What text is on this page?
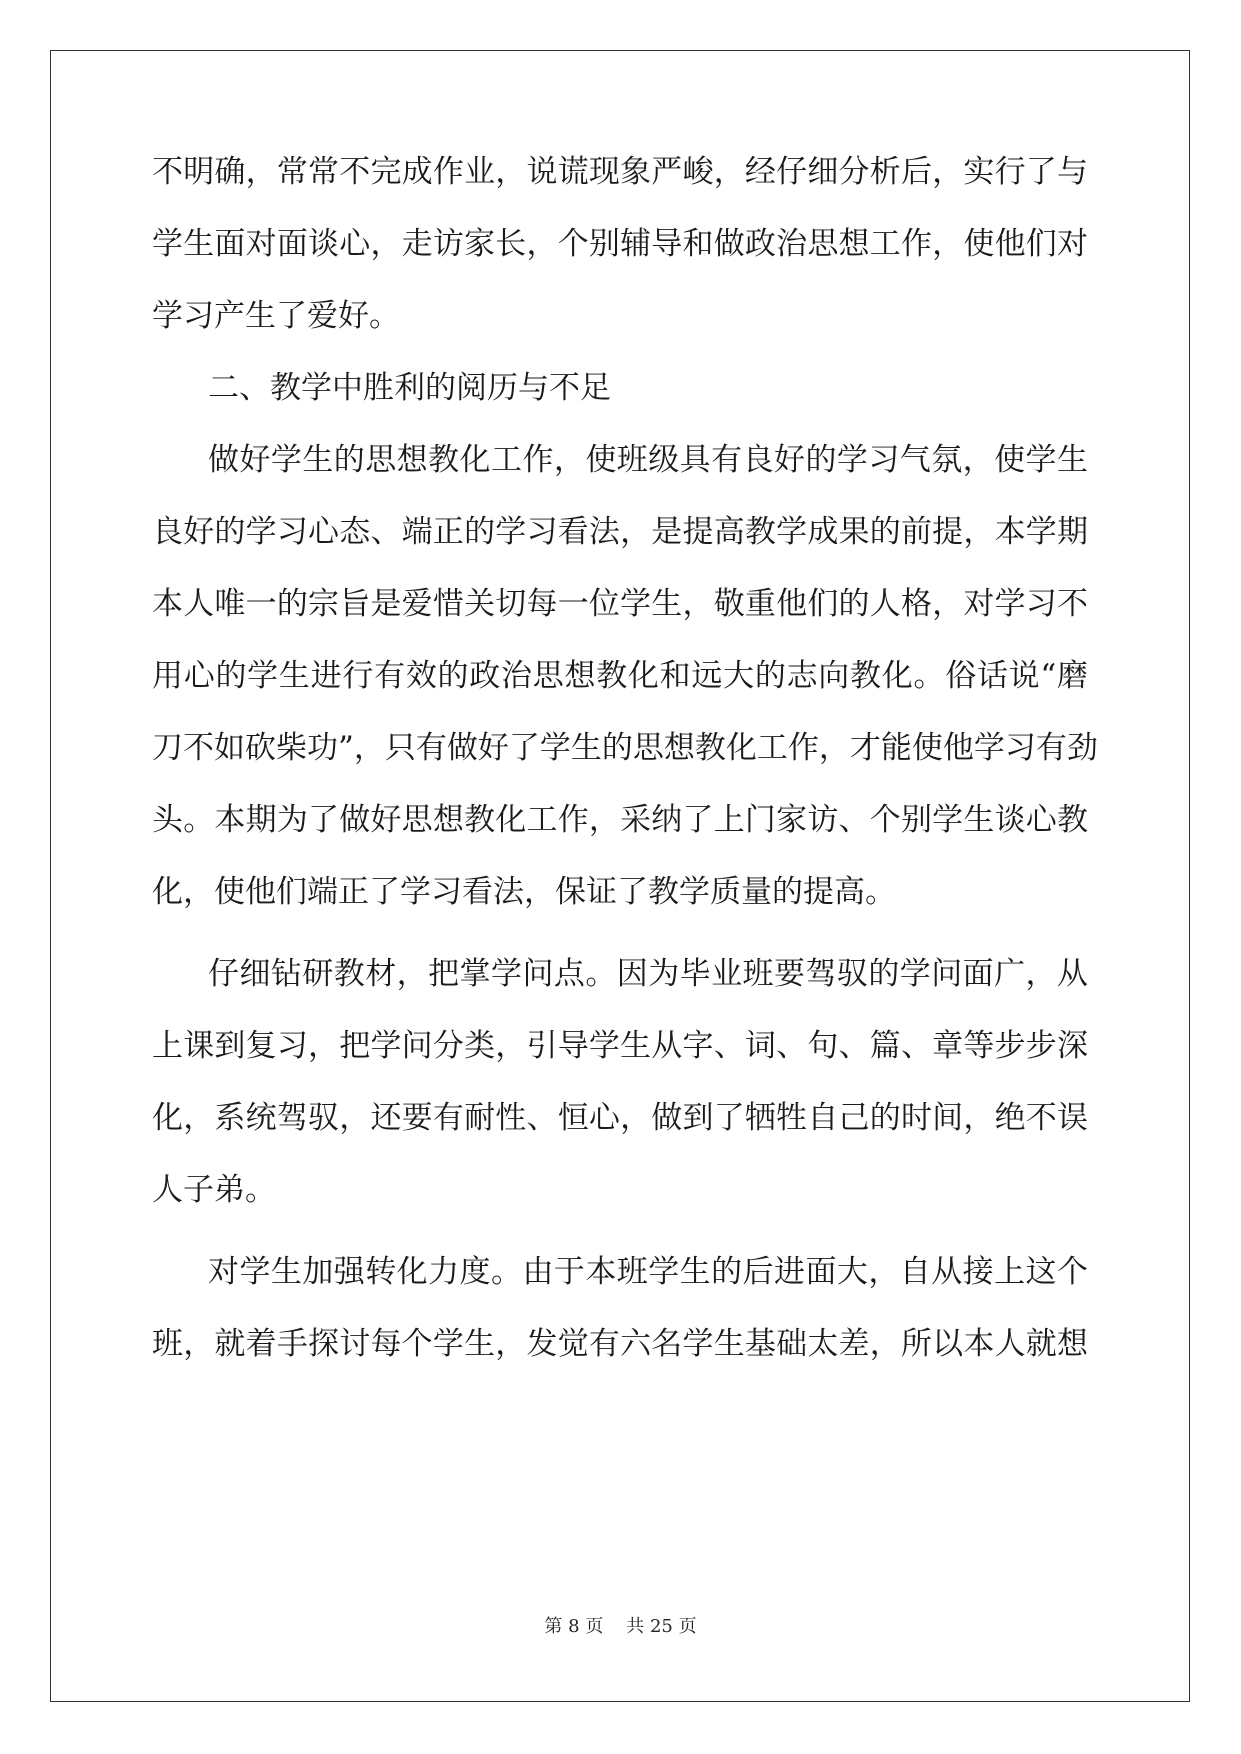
不明确，常常不完成作业，说谎现象严峻，经仔细分析后，实行了与
学生面对面谈心，走访家长，个别辅导和做政治思想工作，使他们对
学习产生了爱好。
二、教学中胜利的阅历与不足
做好学生的思想教化工作，使班级具有良好的学习气氛，使学生
良好的学习心态、端正的学习看法，是提高教学成果的前提，本学期
本人唯一的宗旨是爱惜关切每一位学生，敬重他们的人格，对学习不
用心的学生进行有效的政治思想教化和远大的志向教化。俗话说“磨
刀不如砍柴功”，只有做好了学生的思想教化工作，才能使他学习有劲
头。本期为了做好思想教化工作，采纳了上门家访、个别学生谈心教
化，使他们端正了学习看法，保证了教学质量的提高。
仔细钻研教材，把掌学问点。因为毕业班要驾驭的学问面广，从
上课到复习，把学问分类，引导学生从字、词、句、篇、章等步步深
化，系统驾驭，还要有耐性、恒心，做到了牺牲自己的时间，绝不误
人子弟。
对学生加强转化力度。由于本班学生的后进面大，自从接上这个
班，就着手探讨每个学生，发觉有六名学生基础太差，所以本人就想
第 8 页 共 25 页
